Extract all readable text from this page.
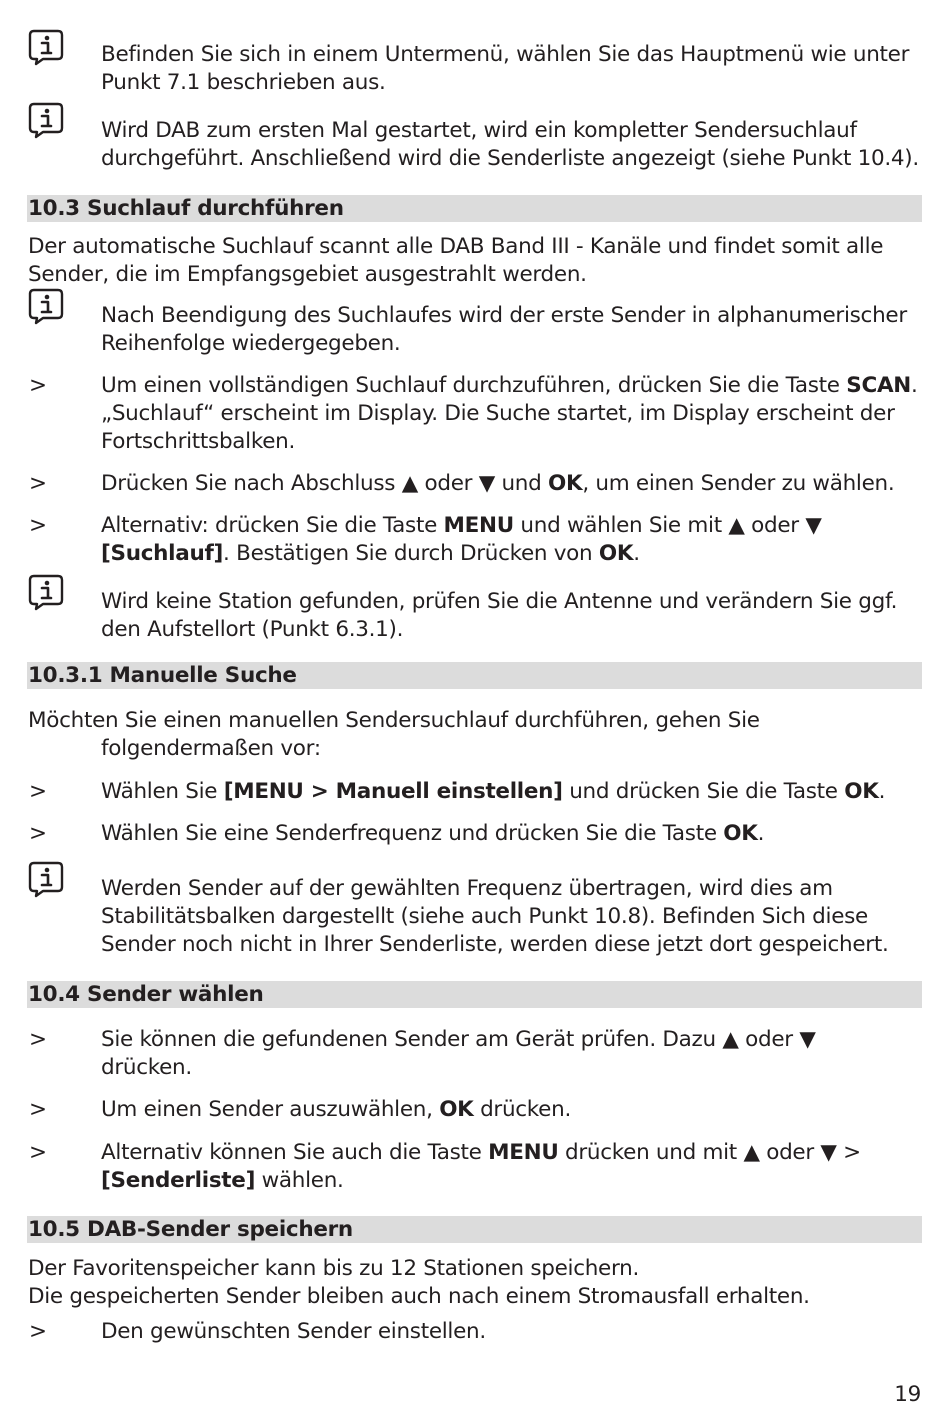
Befinden Sie sich in einem Untermenü, wählen Sie das Hauptmenü wie unter
Punkt 7.1 beschrieben aus.
Wird DAB zum ersten Mal gestartet, wird ein kompletter Sendersuchlauf
durchgeführt. Anschließend wird die Senderliste angezeigt (siehe Punkt 10.4).
10.3 Suchlauf durchführen
Der automatische Suchlauf scannt alle DAB Band III - Kanäle und findet somit alle
Sender, die im Empfangsgebiet ausgestrahlt werden.
Nach Beendigung des Suchlaufes wird der erste Sender in alphanumerischer
Reihenfolge wiedergegeben.
>	Um einen vollständigen Suchlauf durchzuführen, drücken Sie die Taste SCAN.
„Suchlauf“ erscheint im Display. Die Suche startet, im Display erscheint der
Fortschrittsbalken.
>	Drücken Sie nach Abschluss ▲ oder ▼ und OK, um einen Sender zu wählen.
>	Alternativ: drücken Sie die Taste MENU und wählen Sie mit ▲ oder ▼
[Suchlauf]. Bestätigen Sie durch Drücken von OK.
Wird keine Station gefunden, prüfen Sie die Antenne und verändern Sie ggf.
den Aufstellort (Punkt 6.3.1).
10.3.1 Manuelle Suche
Möchten Sie einen manuellen Sendersuchlauf durchführen, gehen Sie
folgendermaßen vor:
>	Wählen Sie [MENU > Manuell einstellen] und drücken Sie die Taste OK.
>	Wählen Sie eine Senderfrequenz und drücken Sie die Taste OK.
Werden Sender auf der gewählten Frequenz übertragen, wird dies am
Stabilitätsbalken dargestellt (siehe auch Punkt 10.8). Befinden Sich diese
Sender noch nicht in Ihrer Senderliste, werden diese jetzt dort gespeichert.
10.4 Sender wählen
>	Sie können die gefundenen Sender am Gerät prüfen. Dazu ▲ oder ▼
drücken.
>	Um einen Sender auszuwählen, OK drücken.
>	Alternativ können Sie auch die Taste MENU drücken und mit ▲ oder ▼ >
[Senderliste] wählen.
10.5 DAB-Sender speichern
Der Favoritenspeicher kann bis zu 12 Stationen speichern.
Die gespeicherten Sender bleiben auch nach einem Stromausfall erhalten.
>	Den gewünschten Sender einstellen.
19
